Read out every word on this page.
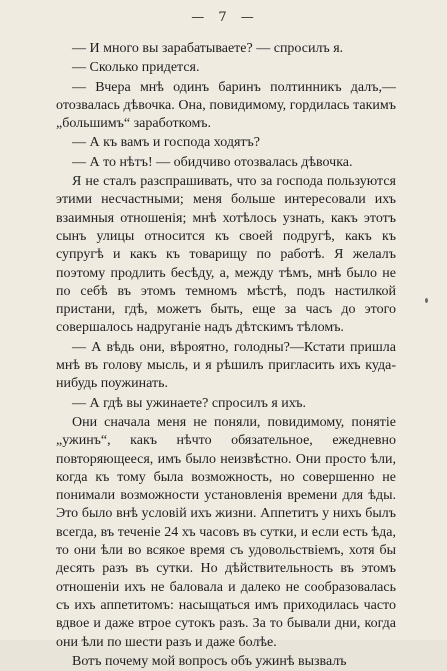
— 7 —

— И много вы зарабатываете? — спросилъ я.

— Сколько придется.

— Вчера мнѣ одинъ баринъ полтинникъ далъ,— отозвалась дѣвочка. Она, повидимому, гордилась такимъ „большимъ“ заработкомъ.

— А къ вамъ и господа ходятъ?

— А то нѣтъ! — обидчиво отозвалась дѣвочка.

Я не сталъ разспрашивать, что за господа пользуются этими несчастными; меня больше интересовали ихъ взаимныя отношенія; мнѣ хотѣлось узнать, какъ этотъ сынъ улицы относится къ своей подругѣ, какъ къ супругѣ и какъ къ товарищу по работѣ. Я желалъ поэтому продлить бесѣду, а, между тѣмъ, мнѣ было не по себѣ въ этомъ темномъ мѣстѣ, подъ настилкой пристани, гдѣ, можетъ быть, еще за часъ до этого совершалось надруганіе надъ дѣтскимъ тѣломъ.

— А вѣдь они, вѣроятно, голодны?—Кстати пришла мнѣ въ голову мысль, и я рѣшилъ пригласить ихъ куда-нибудь поужинать.

— А гдѣ вы ужинаете? спросилъ я ихъ.

Они сначала меня не поняли, повидимому, понятіе „ужинъ“, какъ нѣчто обязательное, ежедневно повторяющееся, имъ было неизвѣстно. Они просто ѣли, когда къ тому была возможность, но совершенно не понимали возможности установленія времени для ѣды. Это было внѣ условій ихъ жизни. Аппетитъ у нихъ былъ всегда, въ теченіе 24 хъ часовъ въ сутки, и если есть ѣда, то они ѣли во всякое время съ удовольствіемъ, хотя бы десять разъ въ сутки. Но дѣйствительность въ этомъ отношеніи ихъ не баловала и далеко не сообразовалась съ ихъ аппетитомъ: насыщаться имъ приходилась часто вдвое и даже втрое сутокъ разъ. За то бывали дни, когда они ѣли по шести разъ и даже болѣе.

Вотъ почему мой вопросъ объ ужинѣ вызвалъ
